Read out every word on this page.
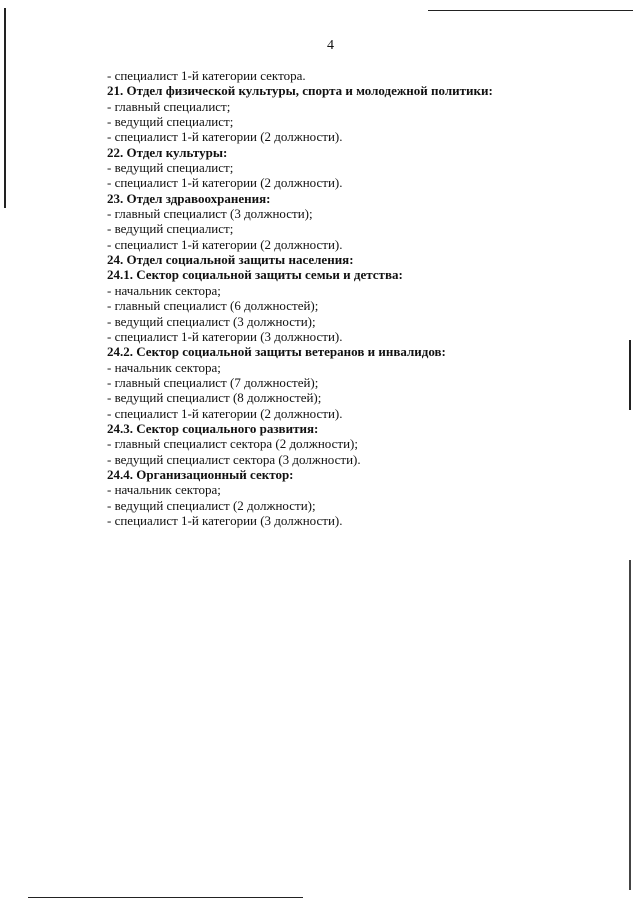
4
- специалист 1-й категории сектора.
21. Отдел физической культуры, спорта и молодежной политики:
- главный специалист;
- ведущий специалист;
- специалист 1-й категории (2 должности).
22. Отдел культуры:
- ведущий специалист;
- специалист 1-й категории (2 должности).
23. Отдел здравоохранения:
- главный специалист (3 должности);
- ведущий специалист;
- специалист 1-й категории (2 должности).
24. Отдел социальной защиты населения:
24.1. Сектор социальной защиты семьи и детства:
- начальник сектора;
- главный специалист (6 должностей);
- ведущий специалист (3 должности);
- специалист 1-й категории (3 должности).
24.2. Сектор социальной защиты ветеранов и инвалидов:
- начальник сектора;
- главный специалист (7 должностей);
- ведущий специалист (8 должностей);
- специалист 1-й категории (2 должности).
24.3. Сектор социального развития:
- главный специалист сектора (2 должности);
- ведущий специалист сектора (3 должности).
24.4. Организационный сектор:
- начальник сектора;
- ведущий специалист (2 должности);
- специалист 1-й категории (3 должности).
